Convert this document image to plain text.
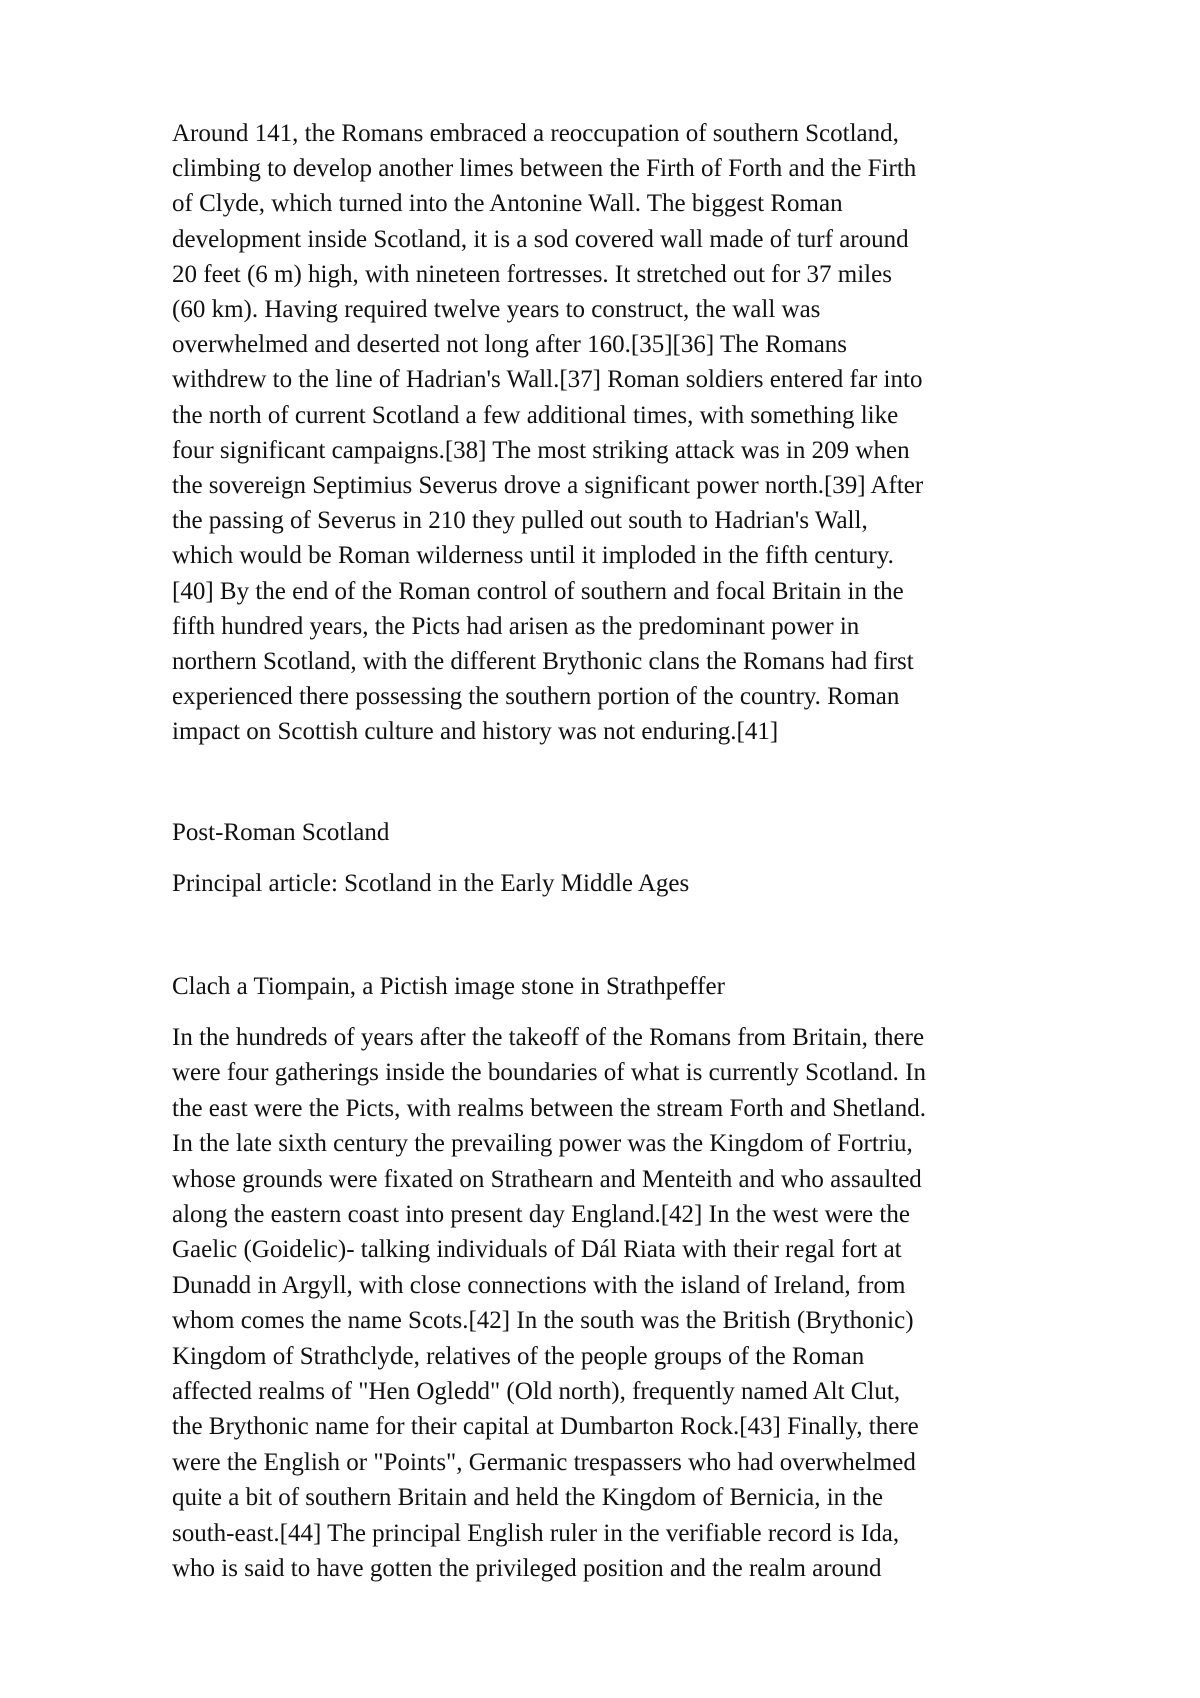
Around 141, the Romans embraced a reoccupation of southern Scotland,
climbing to develop another limes between the Firth of Forth and the Firth
of Clyde, which turned into the Antonine Wall. The biggest Roman
development inside Scotland, it is a sod covered wall made of turf around
20 feet (6 m) high, with nineteen fortresses. It stretched out for 37 miles
(60 km). Having required twelve years to construct, the wall was
overwhelmed and deserted not long after 160.[35][36] The Romans
withdrew to the line of Hadrian's Wall.[37] Roman soldiers entered far into
the north of current Scotland a few additional times, with something like
four significant campaigns.[38] The most striking attack was in 209 when
the sovereign Septimius Severus drove a significant power north.[39] After
the passing of Severus in 210 they pulled out south to Hadrian's Wall,
which would be Roman wilderness until it imploded in the fifth century.
[40] By the end of the Roman control of southern and focal Britain in the
fifth hundred years, the Picts had arisen as the predominant power in
northern Scotland, with the different Brythonic clans the Romans had first
experienced there possessing the southern portion of the country. Roman
impact on Scottish culture and history was not enduring.[41]

Post-Roman Scotland

Principal article: Scotland in the Early Middle Ages

Clach a Tiompain, a Pictish image stone in Strathpeffer

In the hundreds of years after the takeoff of the Romans from Britain, there
were four gatherings inside the boundaries of what is currently Scotland. In
the east were the Picts, with realms between the stream Forth and Shetland.
In the late sixth century the prevailing power was the Kingdom of Fortriu,
whose grounds were fixated on Strathearn and Menteith and who assaulted
along the eastern coast into present day England.[42] In the west were the
Gaelic (Goidelic)- talking individuals of Dál Riata with their regal fort at
Dunadd in Argyll, with close connections with the island of Ireland, from
whom comes the name Scots.[42] In the south was the British (Brythonic)
Kingdom of Strathclyde, relatives of the people groups of the Roman
affected realms of "Hen Ogledd" (Old north), frequently named Alt Clut,
the Brythonic name for their capital at Dumbarton Rock.[43] Finally, there
were the English or "Points", Germanic trespassers who had overwhelmed
quite a bit of southern Britain and held the Kingdom of Bernicia, in the
south-east.[44] The principal English ruler in the verifiable record is Ida,
who is said to have gotten the privileged position and the realm around
